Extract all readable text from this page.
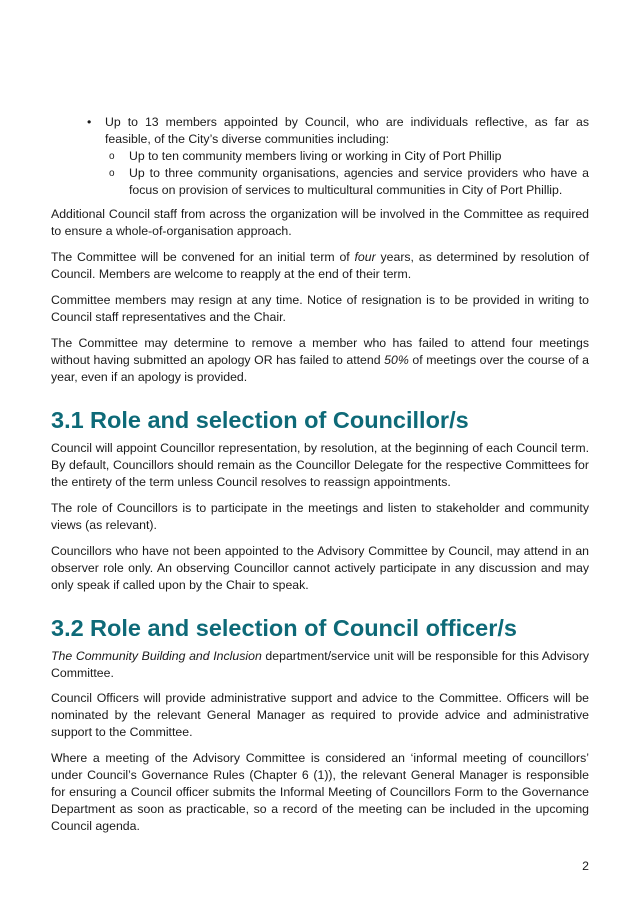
• Up to 13 members appointed by Council, who are individuals reflective, as far as feasible, of the City’s diverse communities including:
o Up to ten community members living or working in City of Port Phillip
o Up to three community organisations, agencies and service providers who have a focus on provision of services to multicultural communities in City of Port Phillip.

Additional Council staff from across the organization will be involved in the Committee as required to ensure a whole-of-organisation approach.

The Committee will be convened for an initial term of four years, as determined by resolution of Council. Members are welcome to reapply at the end of their term.

Committee members may resign at any time. Notice of resignation is to be provided in writing to Council staff representatives and the Chair.

The Committee may determine to remove a member who has failed to attend four meetings without having submitted an apology OR has failed to attend 50% of meetings over the course of a year, even if an apology is provided.

3.1 Role and selection of Councillor/s

Council will appoint Councillor representation, by resolution, at the beginning of each Council term. By default, Councillors should remain as the Councillor Delegate for the respective Committees for the entirety of the term unless Council resolves to reassign appointments.

The role of Councillors is to participate in the meetings and listen to stakeholder and community views (as relevant).

Councillors who have not been appointed to the Advisory Committee by Council, may attend in an observer role only. An observing Councillor cannot actively participate in any discussion and may only speak if called upon by the Chair to speak.

3.2 Role and selection of Council officer/s

The Community Building and Inclusion department/service unit will be responsible for this Advisory Committee.

Council Officers will provide administrative support and advice to the Committee. Officers will be nominated by the relevant General Manager as required to provide advice and administrative support to the Committee.

Where a meeting of the Advisory Committee is considered an ‘informal meeting of councillors’ under Council’s Governance Rules (Chapter 6 (1)), the relevant General Manager is responsible for ensuring a Council officer submits the Informal Meeting of Councillors Form to the Governance Department as soon as practicable, so a record of the meeting can be included in the upcoming Council agenda.

2
